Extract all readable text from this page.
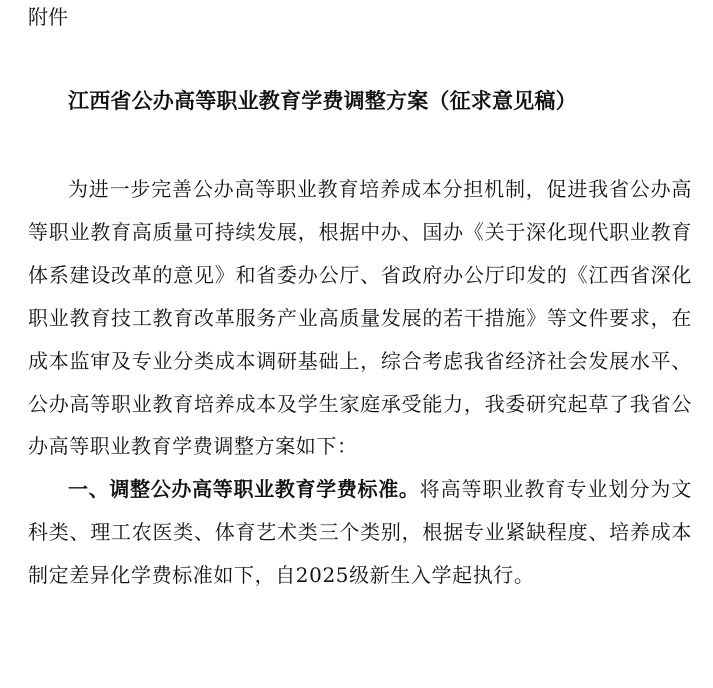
附件
江西省公办高等职业教育学费调整方案（征求意见稿）

为进一步完善公办高等职业教育培养成本分担机制，促进我省公办高等职业教育高质量可持续发展，根据中办、国办《关于深化现代职业教育体系建设改革的意见》和省委办公厅、省政府办公厅印发的《江西省深化职业教育技工教育改革服务产业高质量发展的若干措施》等文件要求，在成本监审及专业分类成本调研基础上，综合考虑我省经济社会发展水平、公办高等职业教育培养成本及学生家庭承受能力，我委研究起草了我省公办高等职业教育学费调整方案如下：

一、调整公办高等职业教育学费标准。将高等职业教育专业划分为文科类、理工农医类、体育艺术类三个类别，根据专业紧缺程度、培养成本制定差异化学费标准如下，自2025级新生入学起执行。
